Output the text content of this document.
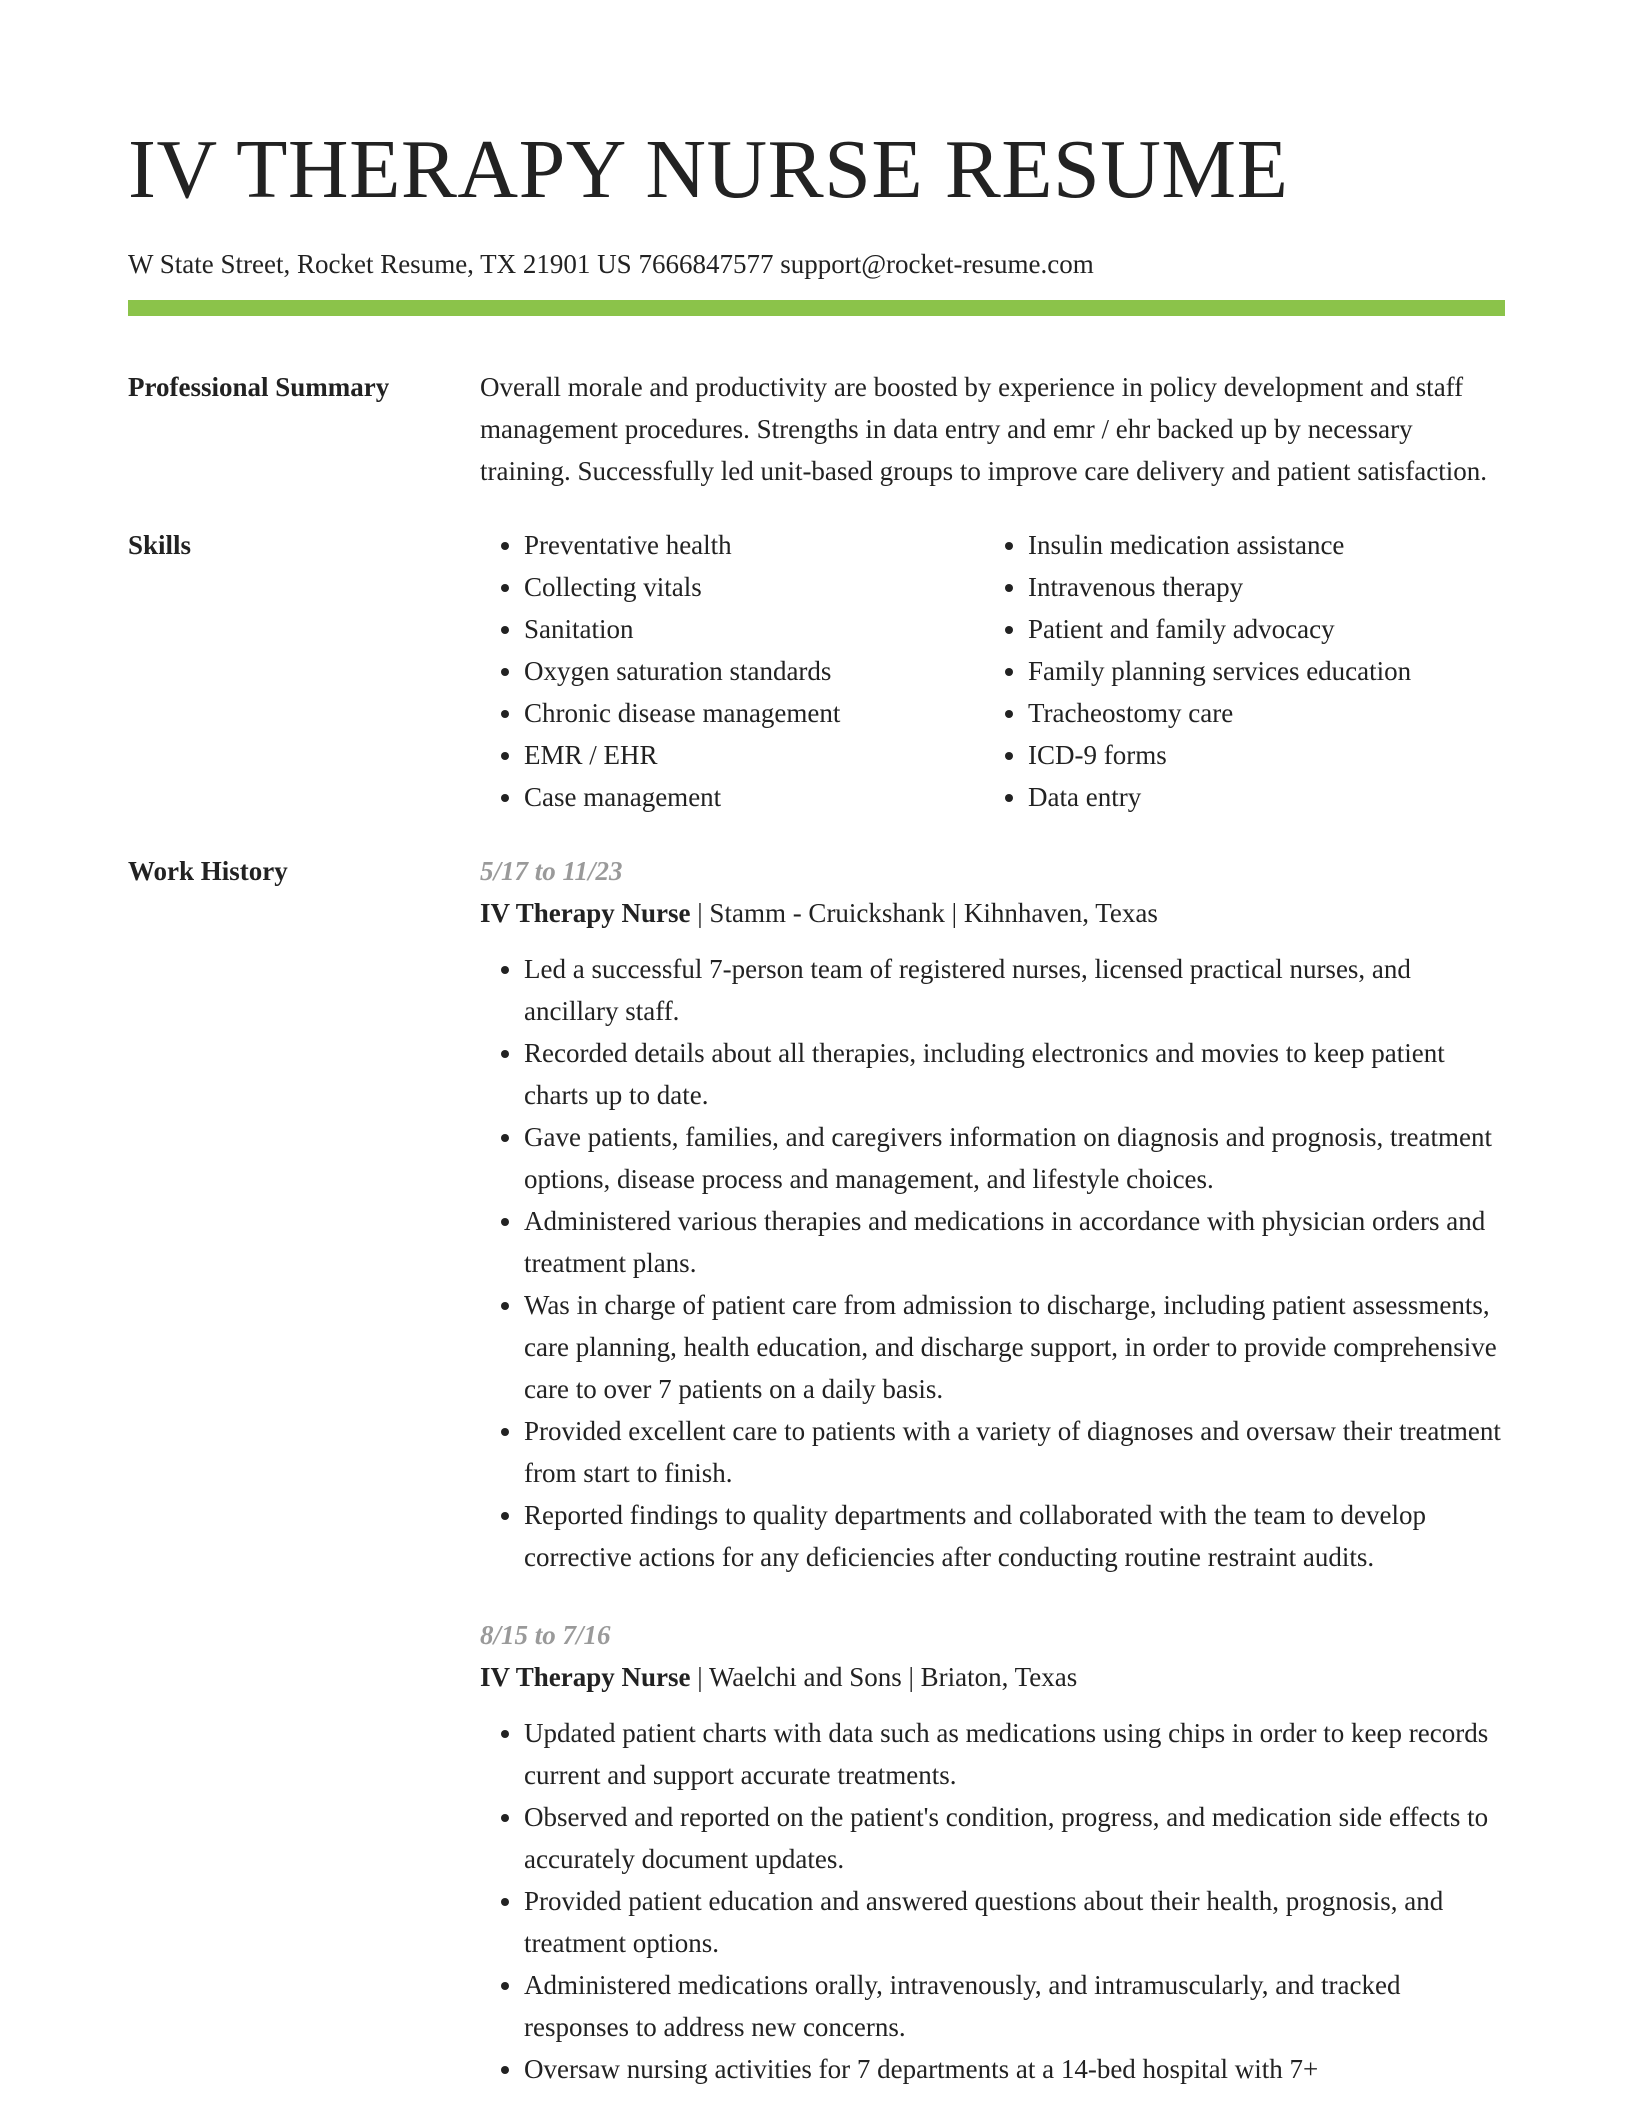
IV THERAPY NURSE RESUME
W State Street, Rocket Resume, TX 21901 US 7666847577 support@rocket-resume.com
Professional Summary	Overall morale and productivity are boosted by experience in policy development and staff management procedures. Strengths in data entry and emr / ehr backed up by necessary training. Successfully led unit-based groups to improve care delivery and patient satisfaction.
Skills
•	Preventative health
• Collecting vitals
• Sanitation
• Oxygen saturation standards
• Chronic disease management
• EMR / EHR
• Case management
• Insulin medication assistance
• Intravenous therapy
• Patient and family advocacy
• Family planning services education
• Tracheostomy care
• ICD-9 forms
• Data entry
Work History	5/17 to 11/23
IV Therapy Nurse | Stamm - Cruickshank | Kihnhaven, Texas
• Led a successful 7-person team of registered nurses, licensed practical nurses, and ancillary staff.
• Recorded details about all therapies, including electronics and movies to keep patient charts up to date.
• Gave patients, families, and caregivers information on diagnosis and prognosis, treatment options, disease process and management, and lifestyle choices.
• Administered various therapies and medications in accordance with physician orders and treatment plans.
• Was in charge of patient care from admission to discharge, including patient assessments, care planning, health education, and discharge support, in order to provide comprehensive care to over 7 patients on a daily basis.
• Provided excellent care to patients with a variety of diagnoses and oversaw their treatment from start to finish.
• Reported findings to quality departments and collaborated with the team to develop corrective actions for any deficiencies after conducting routine restraint audits.
8/15 to 7/16
IV Therapy Nurse | Waelchi and Sons | Briaton, Texas
• Updated patient charts with data such as medications using chips in order to keep records current and support accurate treatments.
• Observed and reported on the patient's condition, progress, and medication side effects to accurately document updates.
• Provided patient education and answered questions about their health, prognosis, and treatment options.
• Administered medications orally, intravenously, and intramuscularly, and tracked responses to address new concerns.
• Oversaw nursing activities for 7 departments at a 14-bed hospital with 7+
